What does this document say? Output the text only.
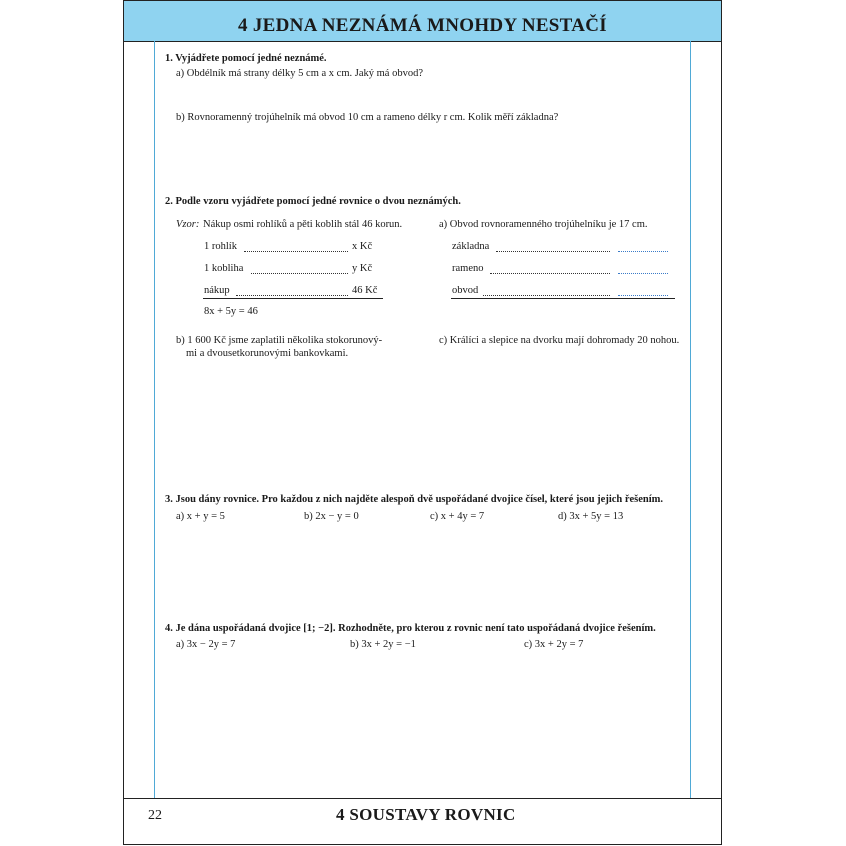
4 JEDNA NEZNÁMÁ MNOHDY NESTAČÍ
1. Vyjádřete pomocí jedné neznámé.
a) Obdélník má strany délky 5 cm a x cm. Jaký má obvod?
b) Rovnoramenný trojúhelník má obvod 10 cm a rameno délky r cm. Kolik měří základna?
2. Podle vzoru vyjádřete pomocí jedné rovnice o dvou neznámých.
Vzor: Nákup osmi rohlíků a pěti koblih stál 46 korun.
1 rohlík	x Kč
1 kobliha	y Kč
nákup	46 Kč
8x + 5y = 46
a) Obvod rovnoramenného trojúhelníku je 17 cm.
základna
rameno
obvod
b) 1 600 Kč jsme zaplatili několika stokorunový-
mi a dvousetkorunovými bankovkami.
c) Králíci a slepice na dvorku mají dohromady 20 nohou.
3. Jsou dány rovnice. Pro každou z nich najděte alespoň dvě uspořádané dvojice čísel, které jsou jejich řešením.
a) x + y = 5	b) 2x − y = 0	c) x + 4y = 7	d) 3x + 5y = 13
4. Je dána uspořádaná dvojice [1; −2]. Rozhodněte, pro kterou z rovnic není tato uspořádaná dvojice řešením.
a) 3x − 2y = 7	b) 3x + 2y = −1	c) 3x + 2y = 7
22	4 SOUSTAVY ROVNIC
